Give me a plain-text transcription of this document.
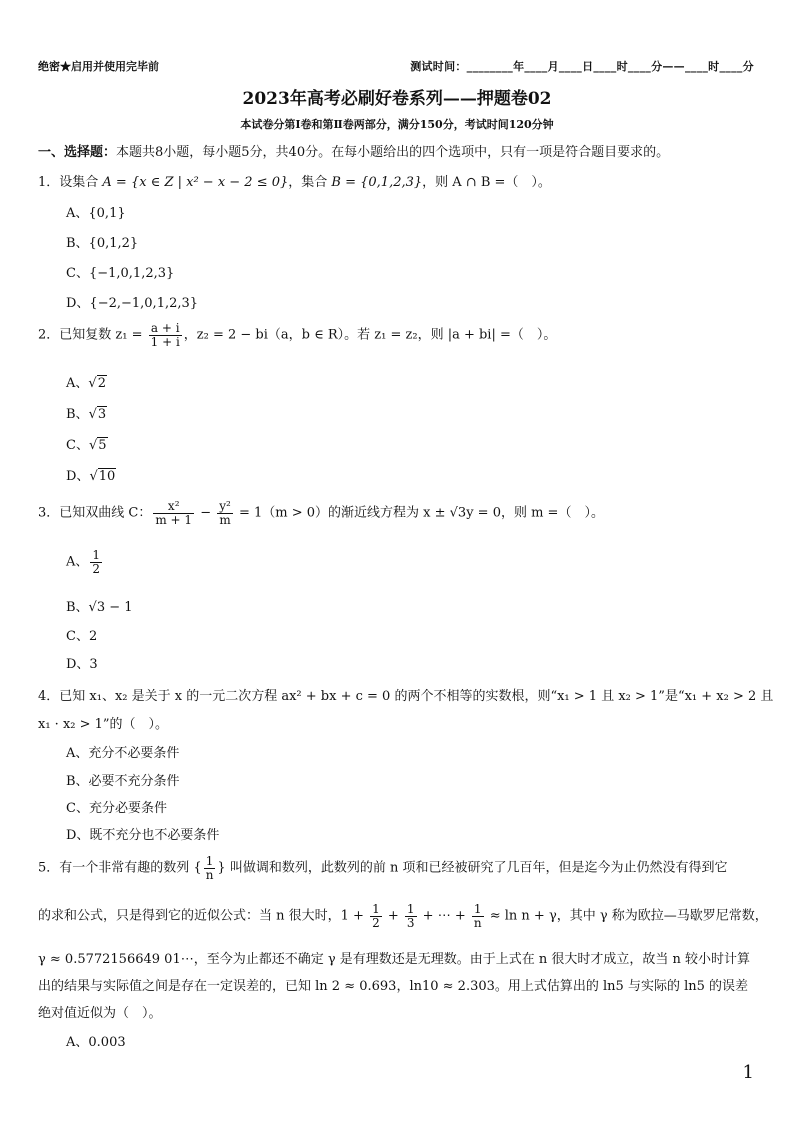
绝密★启用并使用完毕前	测试时间：________年____月____日____时____分——____时____分
2023年高考必刷好卷系列——押题卷02
本试卷分第Ⅰ卷和第Ⅱ卷两部分，满分150分，考试时间120分钟
一、选择题：本题共8小题，每小题5分，共40分。在每小题给出的四个选项中，只有一项是符合题目要求的。
1．设集合 A = {x ∈ Z | x² − x − 2 ≤ 0}，集合 B = {0,1,2,3}，则 A ∩ B =（　）。
A、{0,1}
B、{0,1,2}
C、{−1,0,1,2,3}
D、{−2,−1,0,1,2,3}
2．已知复数 $z_1 = \frac{a + i}{1 + i}$ ，z₂ = 2 − bi（a，b ∈ R）。若 z₁ = z₂，则 |a + bi| =（　）。
A、√2
B、√3
C、√5
D、√10
3．已知双曲线 C： $\frac{\text{x²}}{m + 1} - \frac{\text{y²}}{m} = 1(m > 0)$的渐近线方程为 x ± √3y = 0，则 m =（　）。
A、 $\frac{1}{2}$
B、√3 − 1
C、2
D、3
4．已知 x₁、x₂ 是关于 x 的一元二次方程 ax² + bx + c = 0 的两个不相等的实数根，则“x₁ > 1 且 x₂ > 1”是“x₁ + x₂ > 2 且
x₁ · x₂ > 1”的（　）。
A、充分不必要条件
B、必要不充分条件
C、充分必要条件
D、既不充分也不必要条件
5．有一个非常有趣的数列 { $\frac{1}{n}$ } 叫做调和数列，此数列的前 n 项和已经被研究了几百年，但是迄今为止仍然没有得到它
的求和公式，只是得到它的近似公式：当 n 很大时，$1 + \frac{1}{2} + \frac{1}{3}$ + ⋯ + $\frac{1}{n} \approx \ln n + \gamma$，其中 γ 称为欧拉—马歇罗尼常数，
γ ≈ 0.5772156649 01⋯，至今为止都还不确定 γ 是有理数还是无理数。由于上式在 n 很大时才成立，故当 n 较小时计算
出的结果与实际值之间是存在一定误差的，已知 ln 2 ≈ 0.693，ln10 ≈ 2.303。用上式估算出的 ln5 与实际的 ln5 的误差
绝对值近似为（　）。
A、0.003
1
